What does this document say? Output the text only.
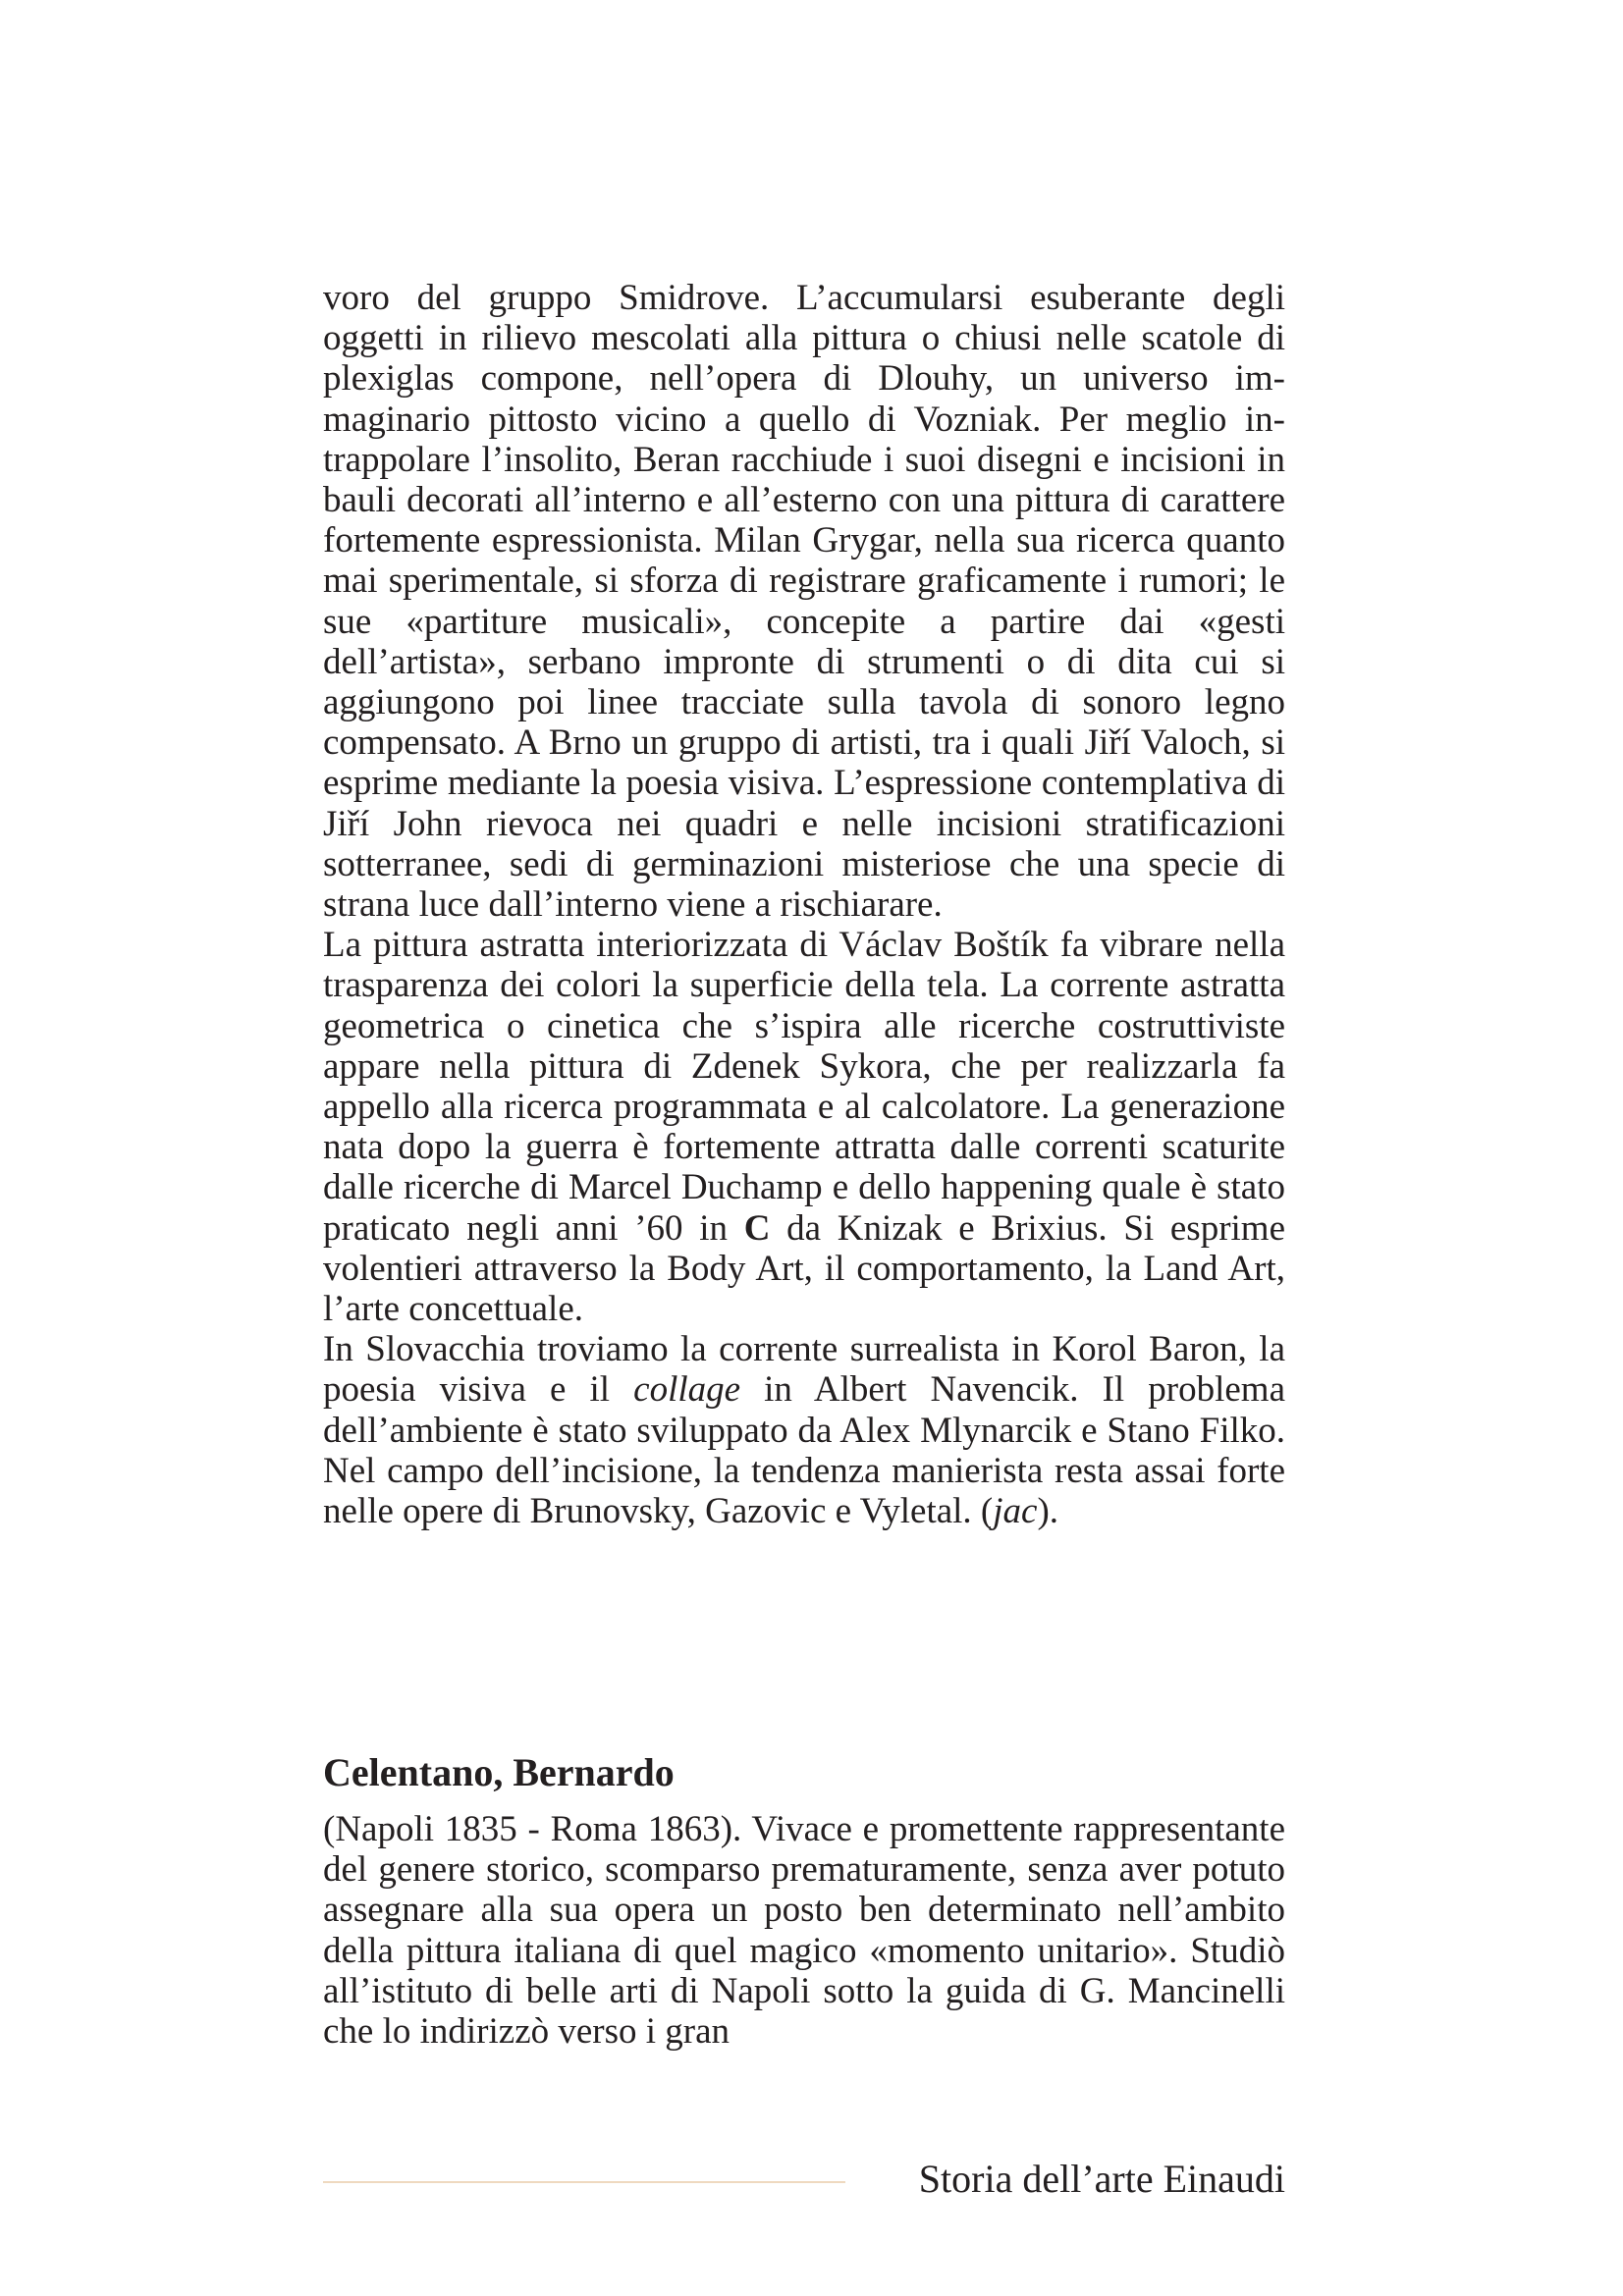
voro del gruppo Smidrove. L’accumularsi esuberante degli oggetti in rilievo mescolati alla pittura o chiusi nelle scatole di plexiglas compone, nell’opera di Dlouhy, un universo immaginario pittosto vicino a quello di Vozniak. Per meglio intrappolare l’insolito, Beran racchiude i suoi disegni e incisioni in bauli decorati all’interno e all’esterno con una pittura di carattere fortemente espressionista. Milan Grygar, nella sua ricerca quanto mai sperimentale, si sforza di registrare graficamente i rumori; le sue «partiture musicali», concepite a partire dai «gesti dell’artista», serbano impronte di strumenti o di dita cui si aggiungono poi linee tracciate sulla tavola di sonoro legno compensato. A Brno un gruppo di artisti, tra i quali Jiří Valoch, si esprime mediante la poesia visiva. L’espressione contemplativa di Jiří John rievoca nei quadri e nelle incisioni stratificazioni sotterranee, sedi di germinazioni misteriose che una specie di strana luce dall’interno viene a rischiarare.

La pittura astratta interiorizzata di Václav Boštík fa vibrare nella trasparenza dei colori la superficie della tela. La corrente astratta geometrica o cinetica che s’ispira alle ricerche costruttiviste appare nella pittura di Zdenek Sykora, che per realizzarla fa appello alla ricerca programmata e al calcolatore. La generazione nata dopo la guerra è fortemente attratta dalle correnti scaturite dalle ricerche di Marcel Duchamp e dello happening quale è stato praticato negli anni ’60 in C da Knizak e Brixius. Si esprime volentieri attraverso la Body Art, il comportamento, la Land Art, l’arte concettuale.

In Slovacchia troviamo la corrente surrealista in Korol Baron, la poesia visiva e il collage in Albert Navencik. Il problema dell’ambiente è stato sviluppato da Alex Mlynarcik e Stano Filko. Nel campo dell’incisione, la tendenza manierista resta assai forte nelle opere di Brunovsky, Gazovic e Vyletal. (jac).

Celentano, Bernardo

(Napoli 1835 - Roma 1863). Vivace e promettente rappresentante del genere storico, scomparso prematuramente, senza aver potuto assegnare alla sua opera un posto ben determinato nell’ambito della pittura italiana di quel magico «momento unitario». Studiò all’istituto di belle arti di Napoli sotto la guida di G. Mancinelli che lo indirizzò verso i gran

Storia dell’arte Einaudi
